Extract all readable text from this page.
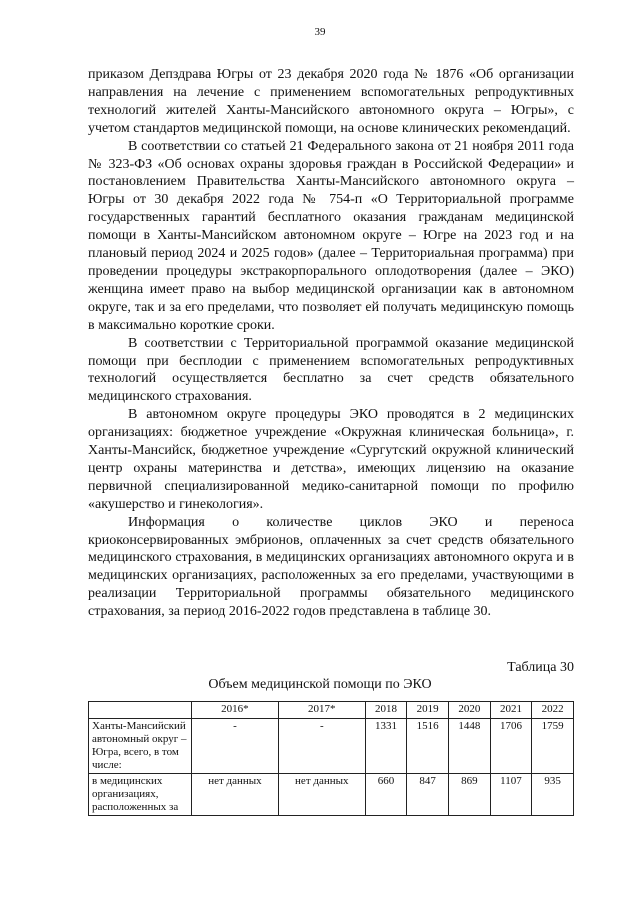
39

приказом Депздрава Югры от 23 декабря 2020 года № 1876 «Об организации направления на лечение с применением вспомогательных репродуктивных технологий жителей Ханты-Мансийского автономного округа – Югры», с учетом стандартов медицинской помощи, на основе клинических рекомендаций.

В соответствии со статьей 21 Федерального закона от 21 ноября 2011 года № 323-ФЗ «Об основах охраны здоровья граждан в Российской Федерации» и постановлением Правительства Ханты-Мансийского автономного округа – Югры от 30 декабря 2022 года № 754-п «О Территориальной программе государственных гарантий бесплатного оказания гражданам медицинской помощи в Ханты-Мансийском автономном округе – Югре на 2023 год и на плановый период 2024 и 2025 годов» (далее – Территориальная программа) при проведении процедуры экстракорпорального оплодотворения (далее – ЭКО) женщина имеет право на выбор медицинской организации как в автономном округе, так и за его пределами, что позволяет ей получать медицинскую помощь в максимально короткие сроки.

В соответствии с Территориальной программой оказание медицинской помощи при бесплодии с применением вспомогательных репродуктивных технологий осуществляется бесплатно за счет средств обязательного медицинского страхования.

В автономном округе процедуры ЭКО проводятся в 2 медицинских организациях: бюджетное учреждение «Окружная клиническая больница», г. Ханты-Мансийск, бюджетное учреждение «Сургутский окружной клинический центр охраны материнства и детства», имеющих лицензию на оказание первичной специализированной медико-санитарной помощи по профилю «акушерство и гинекология».

Информация о количестве циклов ЭКО и переноса криоконсервированных эмбрионов, оплаченных за счет средств обязательного медицинского страхования, в медицинских организациях автономного округа и в медицинских организациях, расположенных за его пределами, участвующими в реализации Территориальной программы обязательного медицинского страхования, за период 2016-2022 годов представлена в таблице 30.

Таблица 30
Объем медицинской помощи по ЭКО
	2016*	2017*	2018	2019	2020	2021	2022
Ханты-Мансийский автономный округ – Югра, всего, в том числе:	-	-	1331	1516	1448	1706	1759
в медицинских организациях, расположенных за	нет данных	нет данных	660	847	869	1107	935
